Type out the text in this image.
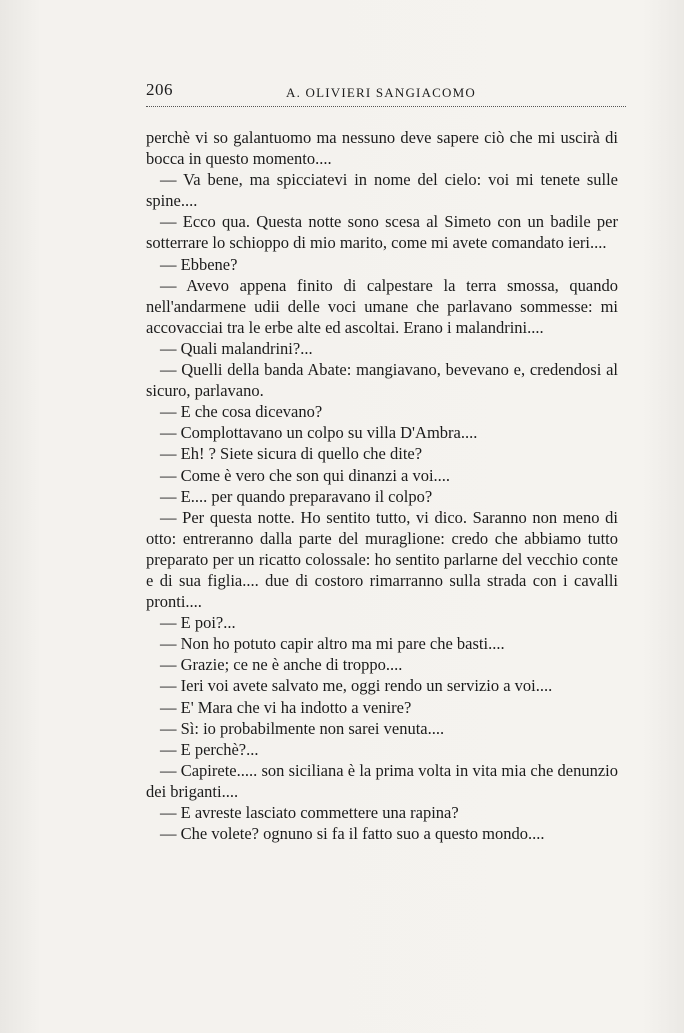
206	A. OLIVIERI SANGIACOMO

perchè vi so galantuomo ma nessuno deve sapere ciò che mi uscirà di bocca in questo momento....

— Va bene, ma spicciatevi in nome del cielo: voi mi tenete sulle spine....

— Ecco qua. Questa notte sono scesa al Simeto con un badile per sotterrare lo schioppo di mio marito, come mi avete comandato ieri....

— Ebbene?

— Avevo appena finito di calpestare la terra smossa, quando nell'andarmene udii delle voci umane che parlavano sommesse: mi accovacciai tra le erbe alte ed ascoltai. Erano i malandrini....

— Quali malandrini?...

— Quelli della banda Abate: mangiavano, bevevano e, credendosi al sicuro, parlavano.

— E che cosa dicevano?

— Complottavano un colpo su villa D'Ambra....

— Eh! ? Siete sicura di quello che dite?

— Come è vero che son qui dinanzi a voi....

— E.... per quando preparavano il colpo?

— Per questa notte. Ho sentito tutto, vi dico. Saranno non meno di otto: entreranno dalla parte del muraglione: credo che abbiamo tutto preparato per un ricatto colossale: ho sentito parlarne del vecchio conte e di sua figlia.... due di costoro rimarranno sulla strada con i cavalli pronti....

— E poi?...

— Non ho potuto capir altro ma mi pare che basti....

— Grazie; ce ne è anche di troppo....

— Ieri voi avete salvato me, oggi rendo un servizio a voi....

— E' Mara che vi ha indotto a venire?

— Sì: io probabilmente non sarei venuta....

— E perchè?...

— Capirete..... son siciliana è la prima volta in vita mia che denunzio dei briganti....

— E avreste lasciato commettere una rapina?

— Che volete? ognuno si fa il fatto suo a questo mondo....
